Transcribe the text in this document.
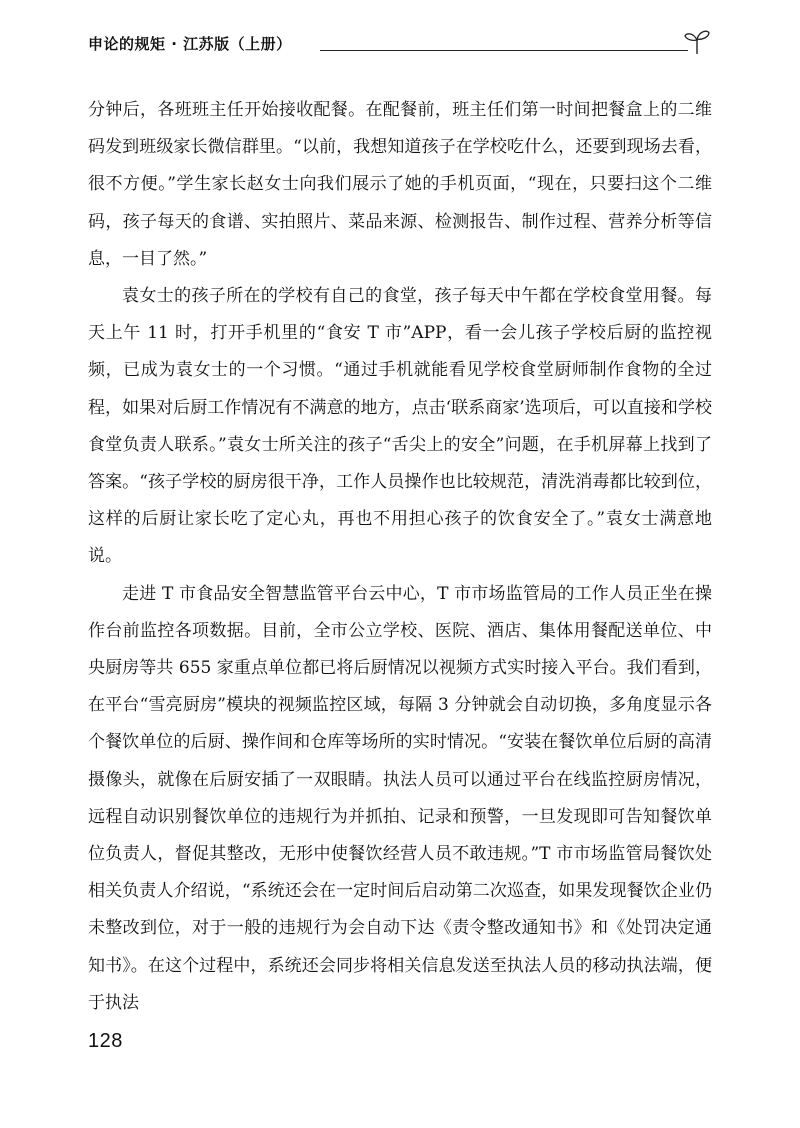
申论的规矩 · 江苏版（上册）

分钟后，各班班主任开始接收配餐。在配餐前，班主任们第一时间把餐盒上的二维码发到班级家长微信群里。“以前，我想知道孩子在学校吃什么，还要到现场去看，很不方便。”学生家长赵女士向我们展示了她的手机页面，“现在，只要扫这个二维码，孩子每天的食谱、实拍照片、菜品来源、检测报告、制作过程、营养分析等信息，一目了然。”

袁女士的孩子所在的学校有自己的食堂，孩子每天中午都在学校食堂用餐。每天上午 11 时，打开手机里的“食安 T 市”APP，看一会儿孩子学校后厨的监控视频，已成为袁女士的一个习惯。“通过手机就能看见学校食堂厨师制作食物的全过程，如果对后厨工作情况有不满意的地方，点击‘联系商家’选项后，可以直接和学校食堂负责人联系。”袁女士所关注的孩子“舌尖上的安全”问题，在手机屏幕上找到了答案。“孩子学校的厨房很干净，工作人员操作也比较规范，清洗消毒都比较到位，这样的后厨让家长吃了定心丸，再也不用担心孩子的饮食安全了。”袁女士满意地说。

走进 T 市食品安全智慧监管平台云中心，T 市市场监管局的工作人员正坐在操作台前监控各项数据。目前，全市公立学校、医院、酒店、集体用餐配送单位、中央厨房等共 655 家重点单位都已将后厨情况以视频方式实时接入平台。我们看到，在平台“雪亮厨房”模块的视频监控区域，每隔 3 分钟就会自动切换，多角度显示各个餐饮单位的后厨、操作间和仓库等场所的实时情况。“安装在餐饮单位后厨的高清摄像头，就像在后厨安插了一双眼睛。执法人员可以通过平台在线监控厨房情况，远程自动识别餐饮单位的违规行为并抓拍、记录和预警，一旦发现即可告知餐饮单位负责人，督促其整改，无形中使餐饮经营人员不敢违规。”T 市市场监管局餐饮处相关负责人介绍说，“系统还会在一定时间后启动第二次巡查，如果发现餐饮企业仍未整改到位，对于一般的违规行为会自动下达《责令整改通知书》和《处罚决定通知书》。在这个过程中，系统还会同步将相关信息发送至执法人员的移动执法端，便于执法

128
